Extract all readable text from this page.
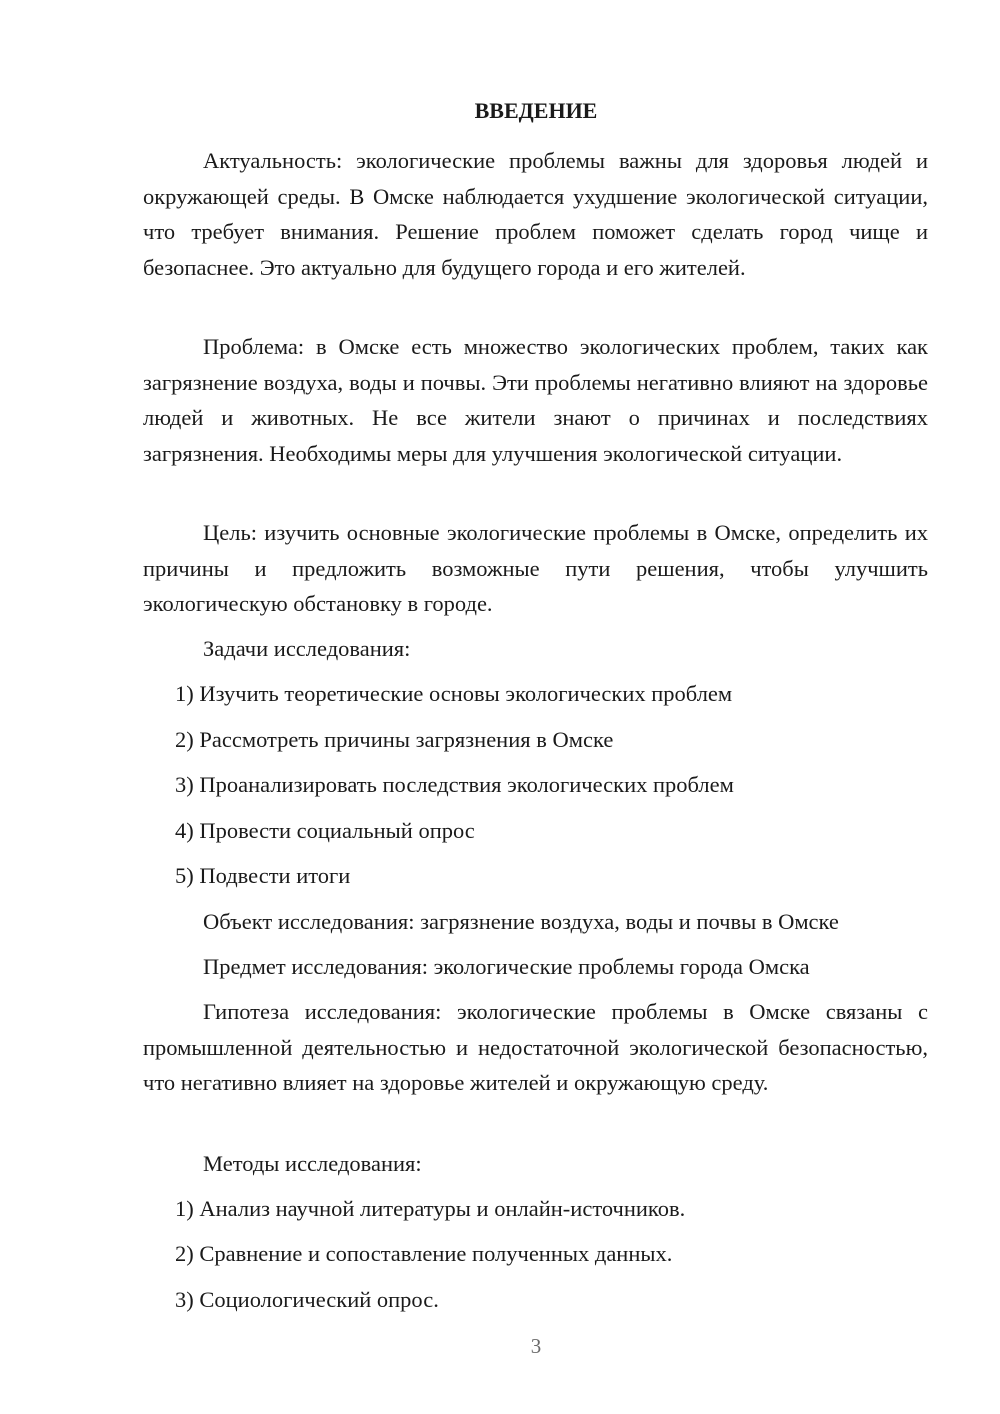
ВВЕДЕНИЕ

Актуальность: экологические проблемы важны для здоровья людей и окружающей среды. В Омске наблюдается ухудшение экологической ситуации, что требует внимания. Решение проблем поможет сделать город чище и безопаснее. Это актуально для будущего города и его жителей.

Проблема: в Омске есть множество экологических проблем, таких как загрязнение воздуха, воды и почвы. Эти проблемы негативно влияют на здоровье людей и животных. Не все жители знают о причинах и последствиях загрязнения. Необходимы меры для улучшения экологической ситуации.

Цель: изучить основные экологические проблемы в Омске, определить их причины и предложить возможные пути решения, чтобы улучшить экологическую обстановку в городе.

Задачи исследования:

1) Изучить теоретические основы экологических проблем

2) Рассмотреть причины загрязнения в Омске

3) Проанализировать последствия экологических проблем

4) Провести социальный опрос

5) Подвести итоги

Объект исследования: загрязнение воздуха, воды и почвы в Омске

Предмет исследования: экологические проблемы города Омска

Гипотеза исследования: экологические проблемы в Омске связаны с промышленной деятельностью и недостаточной экологической безопасностью, что негативно влияет на здоровье жителей и окружающую среду.

Методы исследования:

1) Анализ научной литературы и онлайн-источников.

2) Сравнение и сопоставление полученных данных.

3) Социологический опрос.

3
